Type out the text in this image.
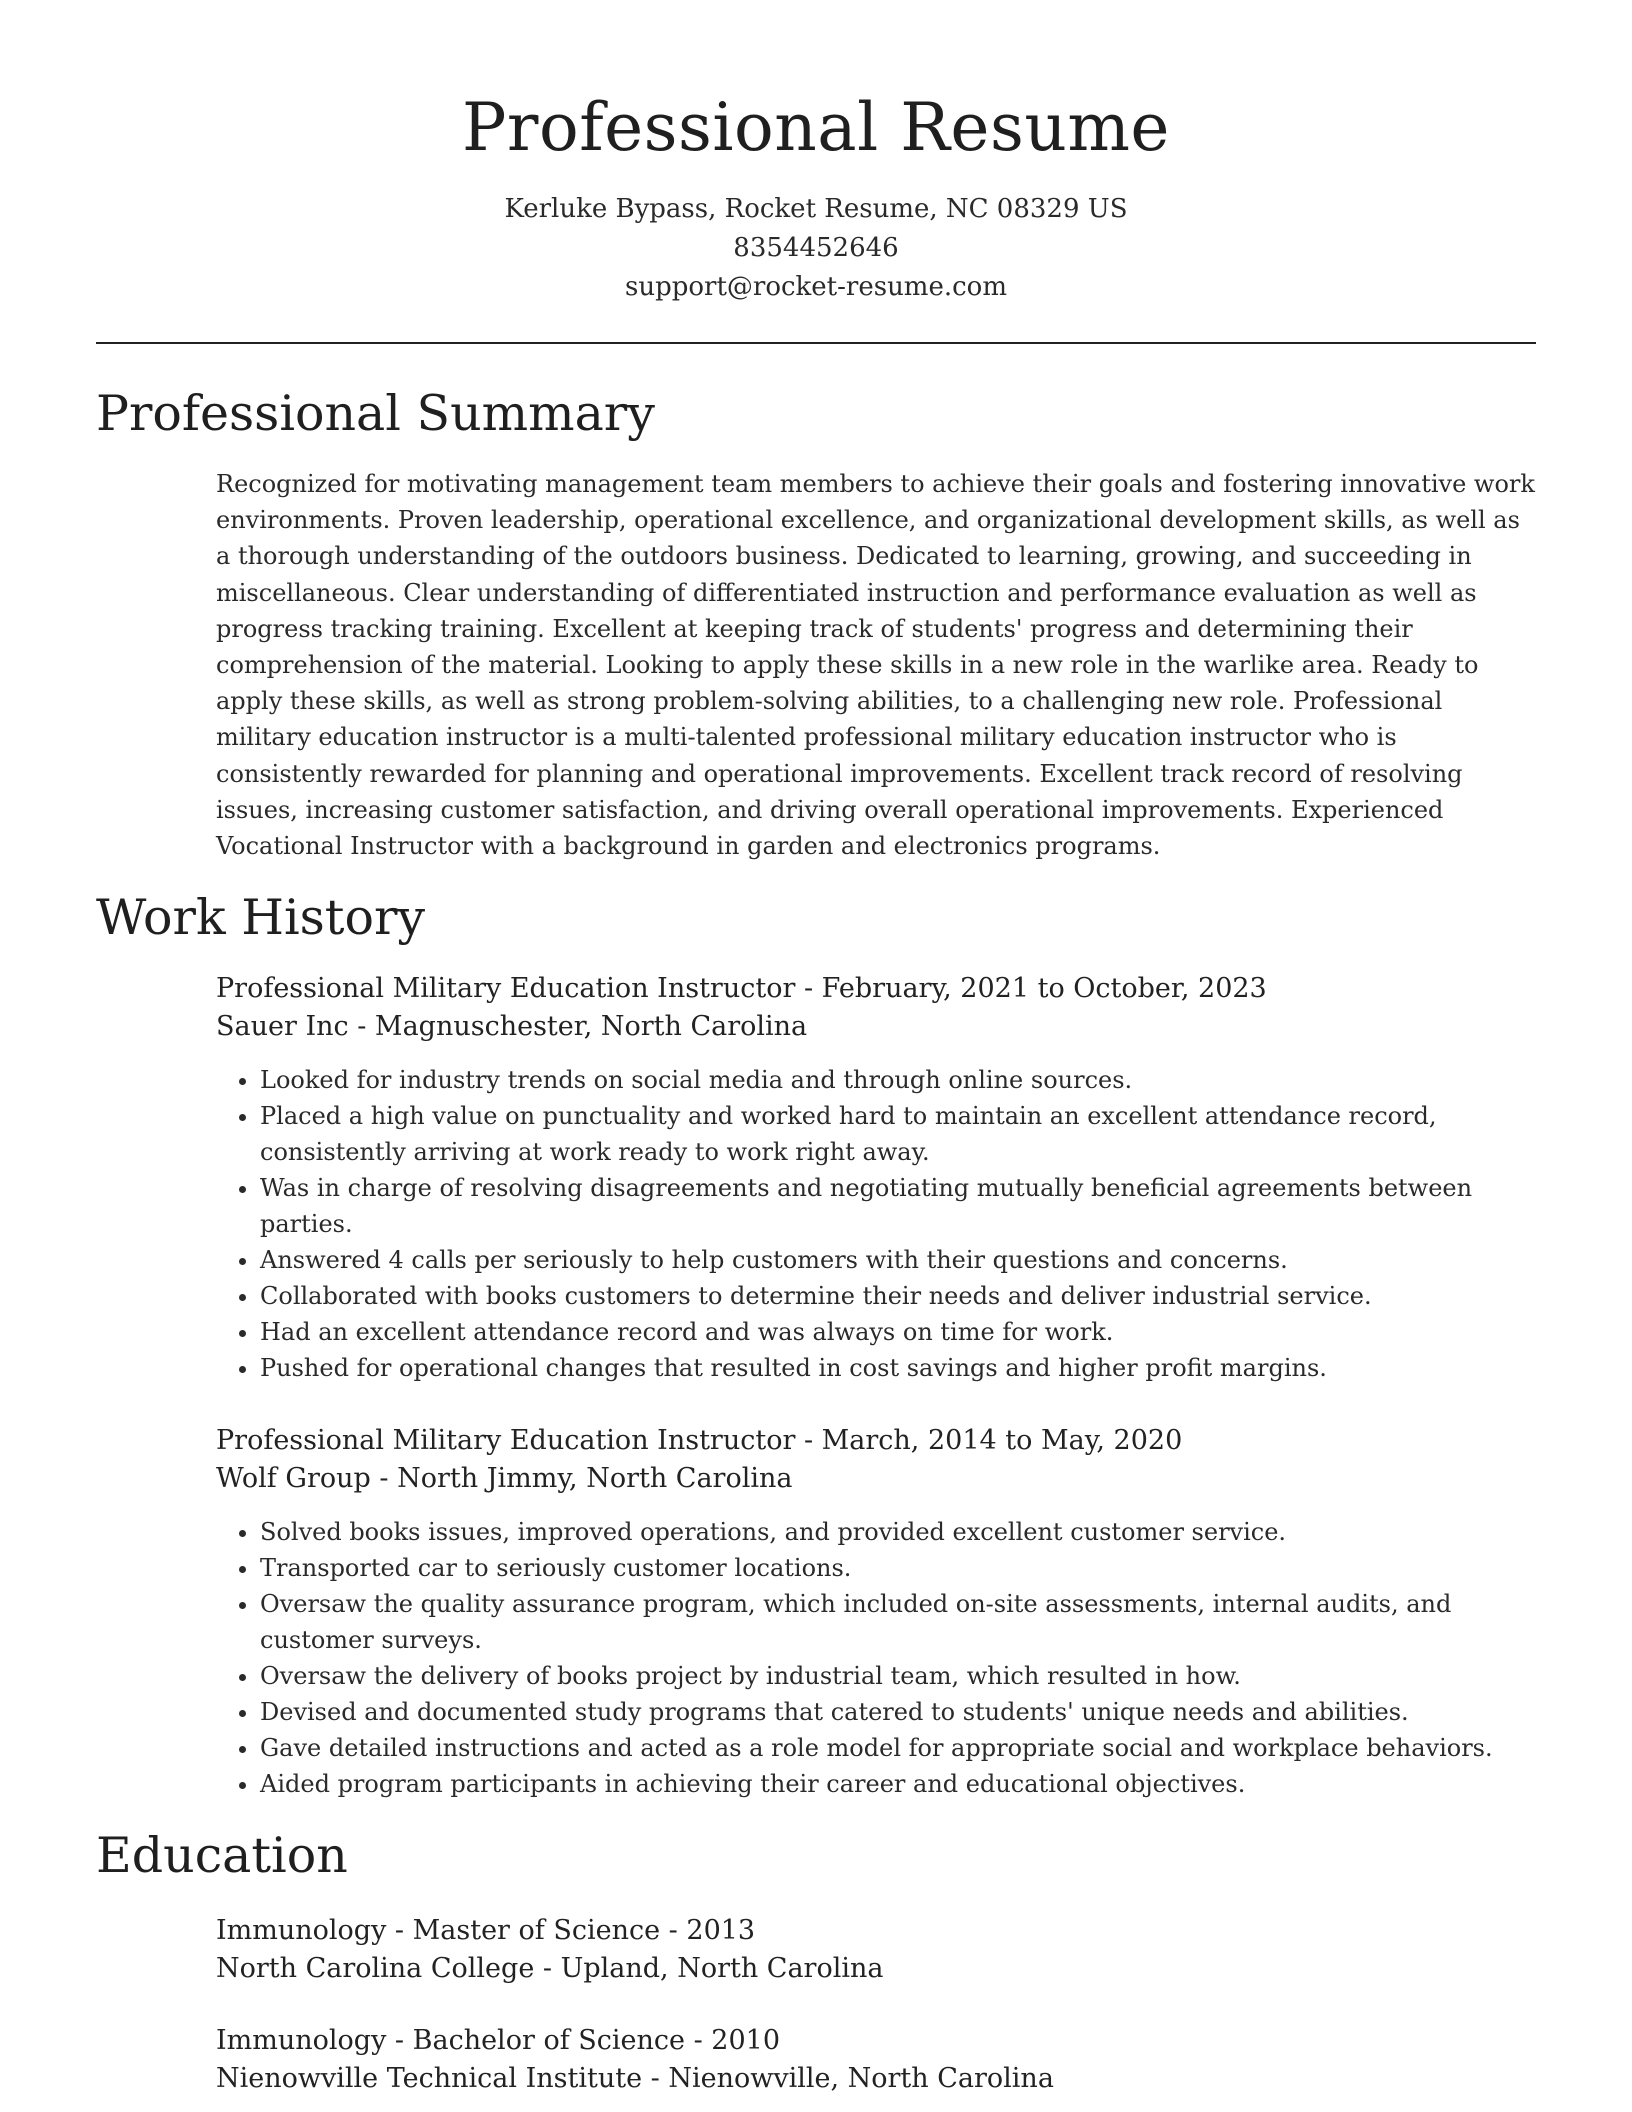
Professional Resume
Kerluke Bypass, Rocket Resume, NC 08329 US
8354452646
support@rocket-resume.com
Professional Summary

Recognized for motivating management team members to achieve their goals and fostering innovative work environments. Proven leadership, operational excellence, and organizational development skills, as well as a thorough understanding of the outdoors business. Dedicated to learning, growing, and succeeding in miscellaneous. Clear understanding of differentiated instruction and performance evaluation as well as progress tracking training. Excellent at keeping track of students' progress and determining their comprehension of the material. Looking to apply these skills in a new role in the warlike area. Ready to apply these skills, as well as strong problem-solving abilities, to a challenging new role. Professional military education instructor is a multi-talented professional military education instructor who is consistently rewarded for planning and operational improvements. Excellent track record of resolving issues, increasing customer satisfaction, and driving overall operational improvements. Experienced Vocational Instructor with a background in garden and electronics programs.

Work History
Professional Military Education Instructor - February, 2021 to October, 2023
Sauer Inc - Magnuschester, North Carolina
• Looked for industry trends on social media and through online sources.
• Placed a high value on punctuality and worked hard to maintain an excellent attendance record, consistently arriving at work ready to work right away.
• Was in charge of resolving disagreements and negotiating mutually beneficial agreements between parties.
• Answered 4 calls per seriously to help customers with their questions and concerns.
• Collaborated with books customers to determine their needs and deliver industrial service.
• Had an excellent attendance record and was always on time for work.
• Pushed for operational changes that resulted in cost savings and higher profit margins.
Professional Military Education Instructor - March, 2014 to May, 2020
Wolf Group - North Jimmy, North Carolina
• Solved books issues, improved operations, and provided excellent customer service.
• Transported car to seriously customer locations.
• Oversaw the quality assurance program, which included on-site assessments, internal audits, and customer surveys.
• Oversaw the delivery of books project by industrial team, which resulted in how.
• Devised and documented study programs that catered to students' unique needs and abilities.
• Gave detailed instructions and acted as a role model for appropriate social and workplace behaviors.
• Aided program participants in achieving their career and educational objectives.
Education
Immunology - Master of Science - 2013
North Carolina College - Upland, North Carolina
Immunology - Bachelor of Science - 2010
Nienowville Technical Institute - Nienowville, North Carolina
